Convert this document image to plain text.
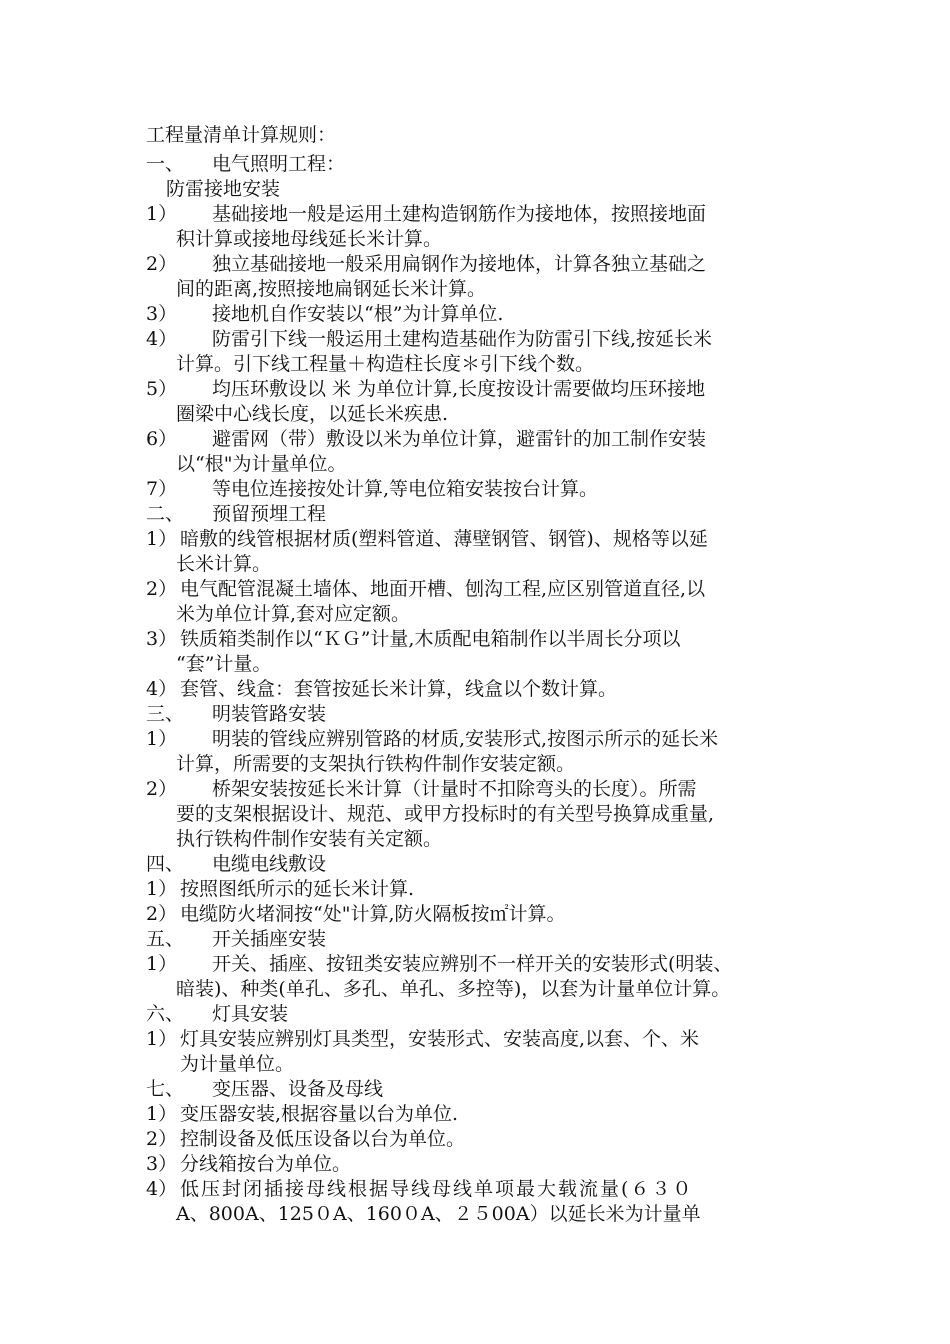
工程量清单计算规则：
一、 电气照明工程：
防雷接地安装
1） 基础接地一般是运用土建构造钢筋作为接地体，按照接地面
积计算或接地母线延长米计算。
2） 独立基础接地一般采用扁钢作为接地体，计算各独立基础之
间的距离,按照接地扁钢延长米计算。
3） 接地机自作安装以“根”为计算单位.
4） 防雷引下线一般运用土建构造基础作为防雷引下线,按延长米
计算。引下线工程量＋构造柱长度＊引下线个数。
5） 均压环敷设以 米 为单位计算,长度按设计需要做均压环接地
圈梁中心线长度，以延长米疾患.
6） 避雷网（带）敷设以米为单位计算，避雷针的加工制作安装
以“根"为计量单位。
7） 等电位连接按处计算,等电位箱安装按台计算。
二、 预留预埋工程
1） 暗敷的线管根据材质(塑料管道、薄壁钢管、钢管)、规格等以延
长米计算。
2） 电气配管混凝土墙体、地面开槽、刨沟工程,应区别管道直径,以
米为单位计算,套对应定额。
3） 铁质箱类制作以“ＫＧ”计量,木质配电箱制作以半周长分项以
“套”计量。
4） 套管、线盒：套管按延长米计算，线盒以个数计算。
三、 明装管路安装
1） 明装的管线应辨别管路的材质,安装形式,按图示所示的延长米
计算，所需要的支架执行铁构件制作安装定额。
2） 桥架安装按延长米计算（计量时不扣除弯头的长度）。所需
要的支架根据设计、规范、或甲方投标时的有关型号换算成重量,
执行铁构件制作安装有关定额。
四、 电缆电线敷设
1） 按照图纸所示的延长米计算.
2） 电缆防火堵洞按“处"计算,防火隔板按㎡计算。
五、 开关插座安装
1） 开关、插座、按钮类安装应辨别不一样开关的安装形式(明装、
暗装)、种类(单孔、多孔、单孔、多控等)，以套为计量单位计算。
六、 灯具安装
1） 灯具安装应辨别灯具类型，安装形式、安装高度,以套、个、米
为计量单位。
七、 变压器、设备及母线
1） 变压器安装,根据容量以台为单位.
2） 控制设备及低压设备以台为单位。
3） 分线箱按台为单位。
4） 低压封闭插接母线根据导线母线单项最大载流量(６３０
A、800A、125０A、160０A、２５00A）以延长米为计量单
